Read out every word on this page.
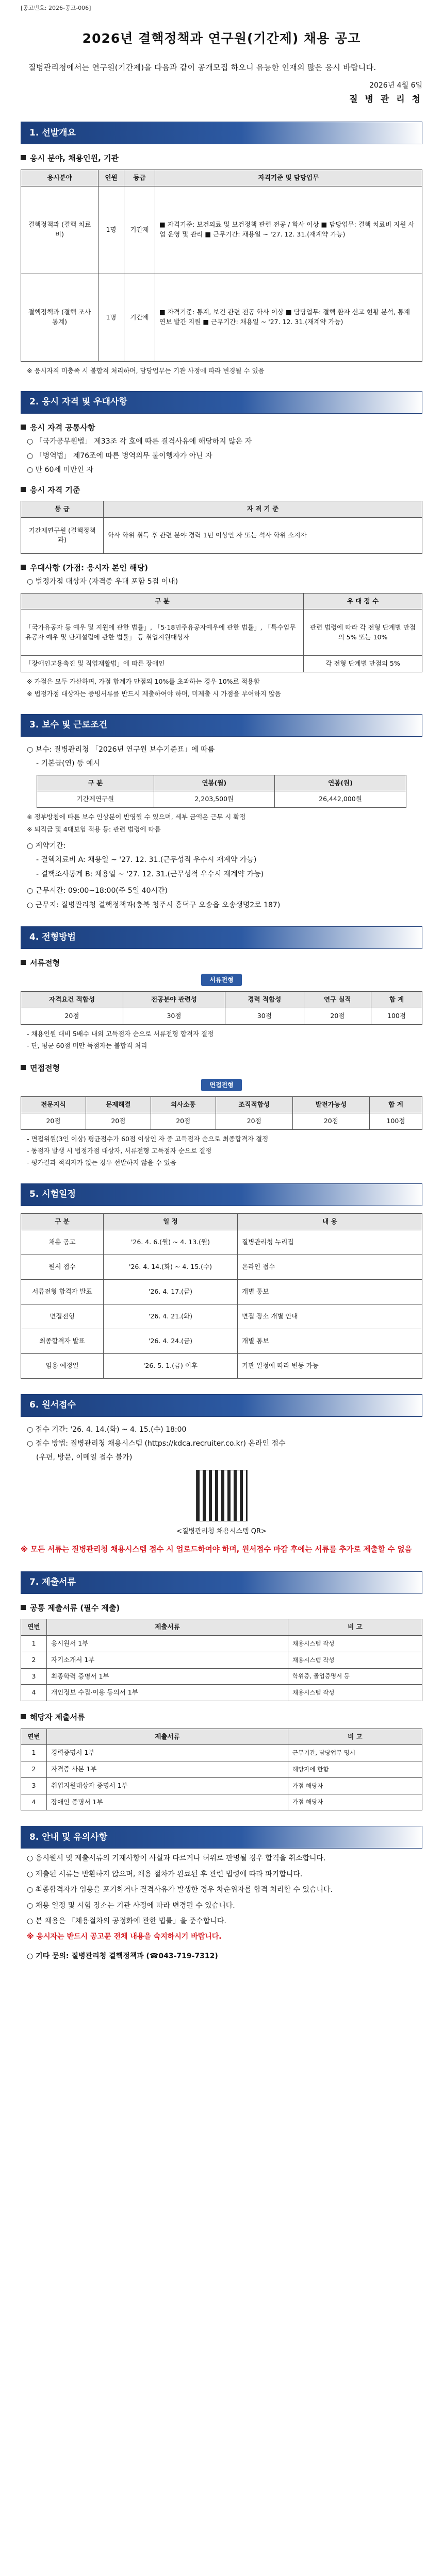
[공고번호: 2026-공고-006]
2026년 결핵정책과 연구원(기간제) 채용 공고

질병관리청에서는 연구원(기간제)을 다음과 같이 공개모집 하오니 유능한 인재의 많은 응시 바랍니다.

2026년 4월 6일
질 병 관 리 청
1. 선발개요
응시 분야, 채용인원, 기관
응시분야	인원	등급	자격기준 및 담당업무
결핵정책과 (결핵 치료비)	1명	기간제	■ 자격기준: 보건의료 및 보건정책 관련 전공 / 학사 이상 ■ 담당업무: 결핵 치료비 지원 사업 운영 및 관리 ■ 근무기간: 채용일 ~ '27. 12. 31.(재계약 가능)
결핵정책과 (결핵 조사통계)	1명	기간제	■ 자격기준: 통계, 보건 관련 전공 학사 이상 ■ 담당업무: 결핵 환자 신고 현황 분석, 통계 연보 발간 지원 ■ 근무기간: 채용일 ~ '27. 12. 31.(재계약 가능)
※ 응시자격 미충족 시 불합격 처리하며, 담당업무는 기관 사정에 따라 변경될 수 있음
2. 응시 자격 및 우대사항
응시 자격 공통사항
○ 「국가공무원법」 제33조 각 호에 따른 결격사유에 해당하지 않은 자
○ 「병역법」 제76조에 따른 병역의무 불이행자가 아닌 자
○ 만 60세 미만인 자
응시 자격 기준
등 급	자 격 기 준
기간제연구원 (결핵정책과)	학사 학위 취득 후 관련 분야 경력 1년 이상인 자 또는 석사 학위 소지자
우대사항 (가점: 응시자 본인 해당)
○ 법정가점 대상자 (자격증 우대 포함 5점 이내)
구 분	우 대 점 수
「국가유공자 등 예우 및 지원에 관한 법률」, 「5·18민주유공자예우에 관한 법률」, 「특수임무유공자 예우 및 단체설립에 관한 법률」 등 취업지원대상자	관련 법령에 따라 각 전형 단계별 만점의 5% 또는 10%
「장애인고용촉진 및 직업재활법」에 따른 장애인	각 전형 단계별 만점의 5%
※ 가점은 모두 가산하며, 가점 합계가 만점의 10%를 초과하는 경우 10%로 적용함
※ 법정가점 대상자는 증빙서류를 반드시 제출하여야 하며, 미제출 시 가점을 부여하지 않음
3. 보수 및 근로조건
○ 보수: 질병관리청 「2026년 연구원 보수기준표」에 따름
- 기본급(연) 등 예시
구 분	연봉(월)	연봉(원)
기간제연구원	2,203,500원	26,442,000원
※ 정부방침에 따른 보수 인상분이 반영될 수 있으며, 세부 금액은 근무 시 확정
※ 퇴직금 및 4대보험 적용 등: 관련 법령에 따름
○ 계약기간:
- 결핵치료비 A: 채용일 ~ '27. 12. 31.(근무성적 우수시 재계약 가능)
- 결핵조사통계 B: 채용일 ~ '27. 12. 31.(근무성적 우수시 재계약 가능)
○ 근무시간: 09:00~18:00(주 5일 40시간)
○ 근무지: 질병관리청 결핵정책과(충북 청주시 흥덕구 오송읍 오송생명2로 187)
4. 전형방법
서류전형
서류전형
자격요건 적합성	전공분야 관련성	경력 적합성	연구 실적	합 계
20점	30점	30점	20점	100점
- 채용인원 대비 5배수 내외 고득점자 순으로 서류전형 합격자 결정
- 단, 평균 60점 미만 득점자는 불합격 처리
면접전형
면접전형
전문지식	문제해결	의사소통	조직적합성	발전가능성	합 계
20점	20점	20점	20점	20점	100점
- 면접위원(3인 이상) 평균점수가 60점 이상인 자 중 고득점자 순으로 최종합격자 결정
- 동점자 발생 시 법정가점 대상자, 서류전형 고득점자 순으로 결정
- 평가결과 적격자가 없는 경우 선발하지 않을 수 있음
5. 시험일정
구 분	일 정	내 용
채용 공고	'26. 4. 6.(월) ~ 4. 13.(월)	질병관리청 누리집
원서 접수	'26. 4. 14.(화) ~ 4. 15.(수)	온라인 접수
서류전형 합격자 발표	'26. 4. 17.(금)	개별 통보
면접전형	'26. 4. 21.(화)	면접 장소 개별 안내
최종합격자 발표	'26. 4. 24.(금)	개별 통보
임용 예정일	'26. 5. 1.(금) 이후	기관 일정에 따라 변동 가능
6. 원서접수
○ 접수 기간: '26. 4. 14.(화) ~ 4. 15.(수) 18:00
○ 접수 방법: 질병관리청 채용시스템 (https://kdca.recruiter.co.kr) 온라인 접수
(우편, 방문, 이메일 접수 불가)
<질병관리청 채용시스템 QR>
※ 모든 서류는 질병관리청 채용시스템 접수 시 업로드하여야 하며, 원서접수 마감 후에는 서류를 추가로 제출할 수 없음
7. 제출서류
공통 제출서류 (필수 제출)
연번	제출서류	비 고
1	응시원서 1부	채용시스템 작성
2	자기소개서 1부	채용시스템 작성
3	최종학력 증명서 1부	학위증, 졸업증명서 등
4	개인정보 수집·이용 동의서 1부	채용시스템 작성
해당자 제출서류
연번	제출서류	비 고
1	경력증명서 1부	근무기간, 담당업무 명시
2	자격증 사본 1부	해당자에 한함
3	취업지원대상자 증명서 1부	가점 해당자
4	장애인 증명서 1부	가점 해당자
8. 안내 및 유의사항
○ 응시원서 및 제출서류의 기재사항이 사실과 다르거나 허위로 판명될 경우 합격을 취소합니다.
○ 제출된 서류는 반환하지 않으며, 채용 절차가 완료된 후 관련 법령에 따라 파기합니다.
○ 최종합격자가 임용을 포기하거나 결격사유가 발생한 경우 차순위자를 합격 처리할 수 있습니다.
○ 채용 일정 및 시험 장소는 기관 사정에 따라 변경될 수 있습니다.
○ 본 채용은 「채용절차의 공정화에 관한 법률」을 준수합니다.
※ 응시자는 반드시 공고문 전체 내용을 숙지하시기 바랍니다.
○ 기타 문의: 질병관리청 결핵정책과 (☎043-719-7312)
